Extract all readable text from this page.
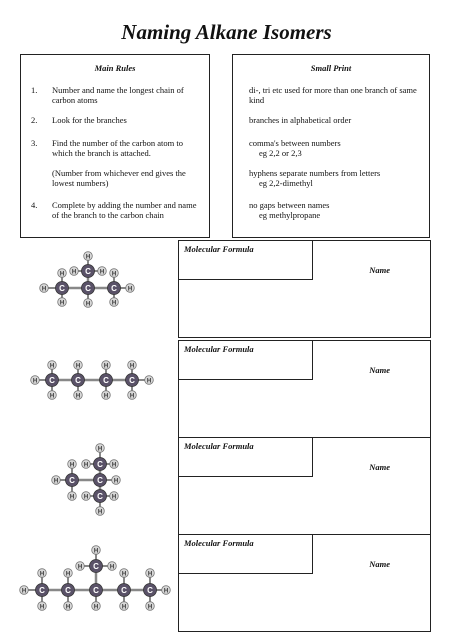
Naming Alkane Isomers
Main Rules
1. Number and name the longest chain of carbon atoms
2. Look for the branches
3. Find the number of the carbon atom to which the branch is attached.
(Number from whichever end gives the lowest numbers)
4. Complete by adding the number and name of the branch to the carbon chain
Small Print
di-, tri etc used for more than one branch of same kind
branches in alphabetical order
comma's between numbers
eg 2,2 or 2,3
hyphens separate numbers from letters
eg 2,2-dimethyl
no gaps between names
eg methylpropane
Molecular Formula
Name
Molecular Formula
Name
Molecular Formula
Name
Molecular Formula
Name
H
H
H
H
H	H
H
H
H
H
C	C	C
C
H
H
H
H
H
H
H
H
H
H
C	C	C	C
H
H	H
H
H
H
H
H	H
H
C
C
C
C
H
H
H
H
H
H
H	H
H
H
H
H
H
H
C	C	C	C	C
C
